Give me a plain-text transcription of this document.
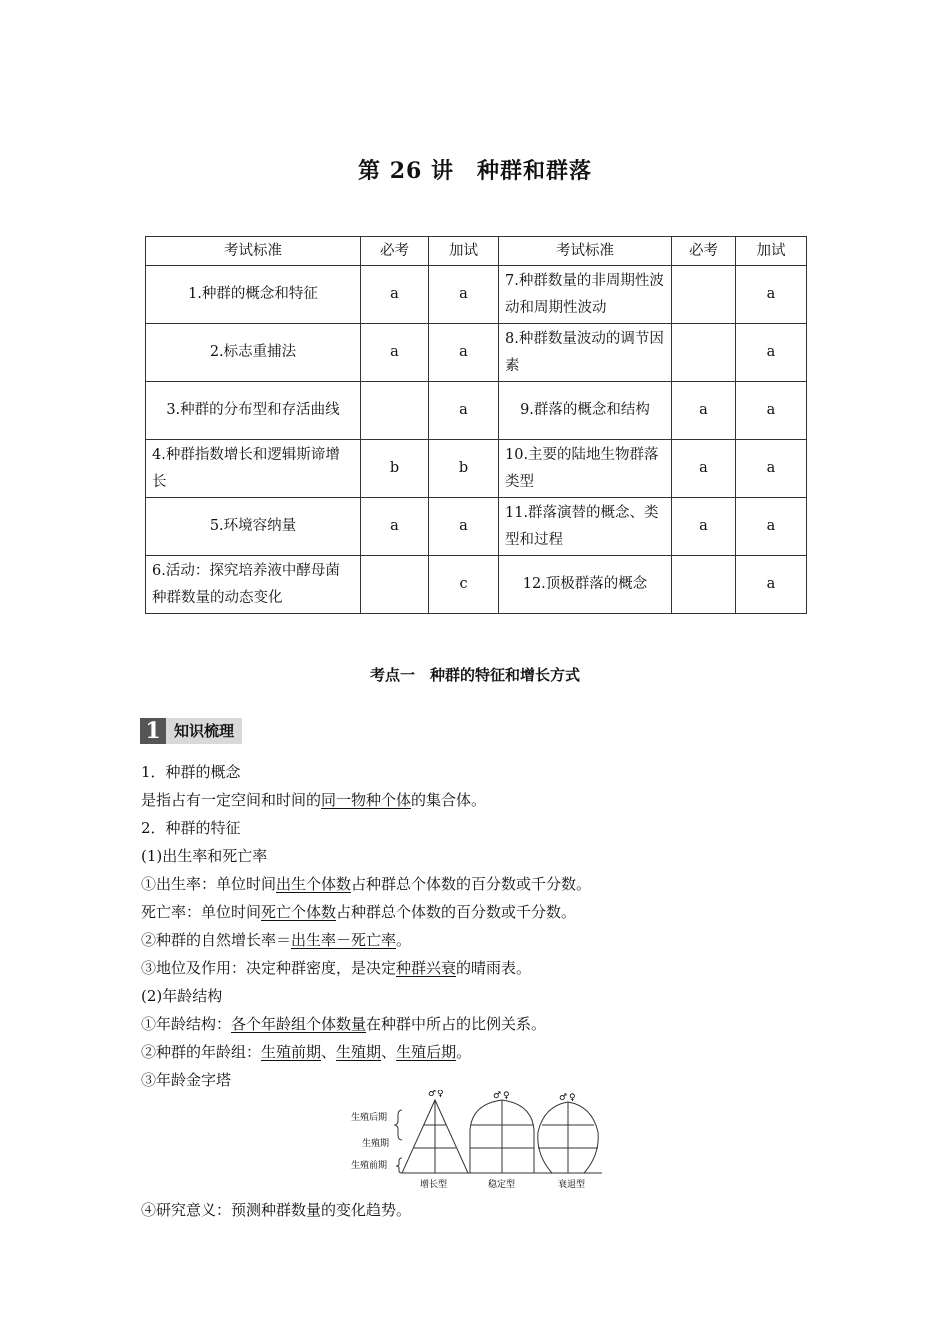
第 26 讲　种群和群落
考试标准	必考	加试	考试标准	必考	加试
1.种群的概念和特征	a	a	7.种群数量的非周期性波动和周期性波动		a
2.标志重捕法	a	a	8.种群数量波动的调节因素		a
3.种群的分布型和存活曲线		a	9.群落的概念和结构	a	a
4.种群指数增长和逻辑斯谛增长	b	b	10.主要的陆地生物群落类型	a	a
5.环境容纳量	a	a	11.群落演替的概念、类型和过程	a	a
6.活动：探究培养液中酵母菌种群数量的动态变化		c	12.顶极群落的概念		a
考点一　种群的特征和增长方式
1 知识梳理
1．种群的概念
是指占有一定空间和时间的同一物种个体的集合体。
2．种群的特征
(1)出生率和死亡率
①出生率：单位时间出生个体数占种群总个体数的百分数或千分数。
死亡率：单位时间死亡个体数占种群总个体数的百分数或千分数。
②种群的自然增长率＝出生率－死亡率。
③地位及作用：决定种群密度，是决定种群兴衰的晴雨表。
(2)年龄结构
①年龄结构：各个年龄组个体数量在种群中所占的比例关系。
②种群的年龄组：生殖前期、生殖期、生殖后期。
③年龄金字塔
生殖后期
生殖期
生殖前期
♂ ♀	♂ ♀	♂ ♀
增长型	稳定型	衰退型
④研究意义：预测种群数量的变化趋势。
